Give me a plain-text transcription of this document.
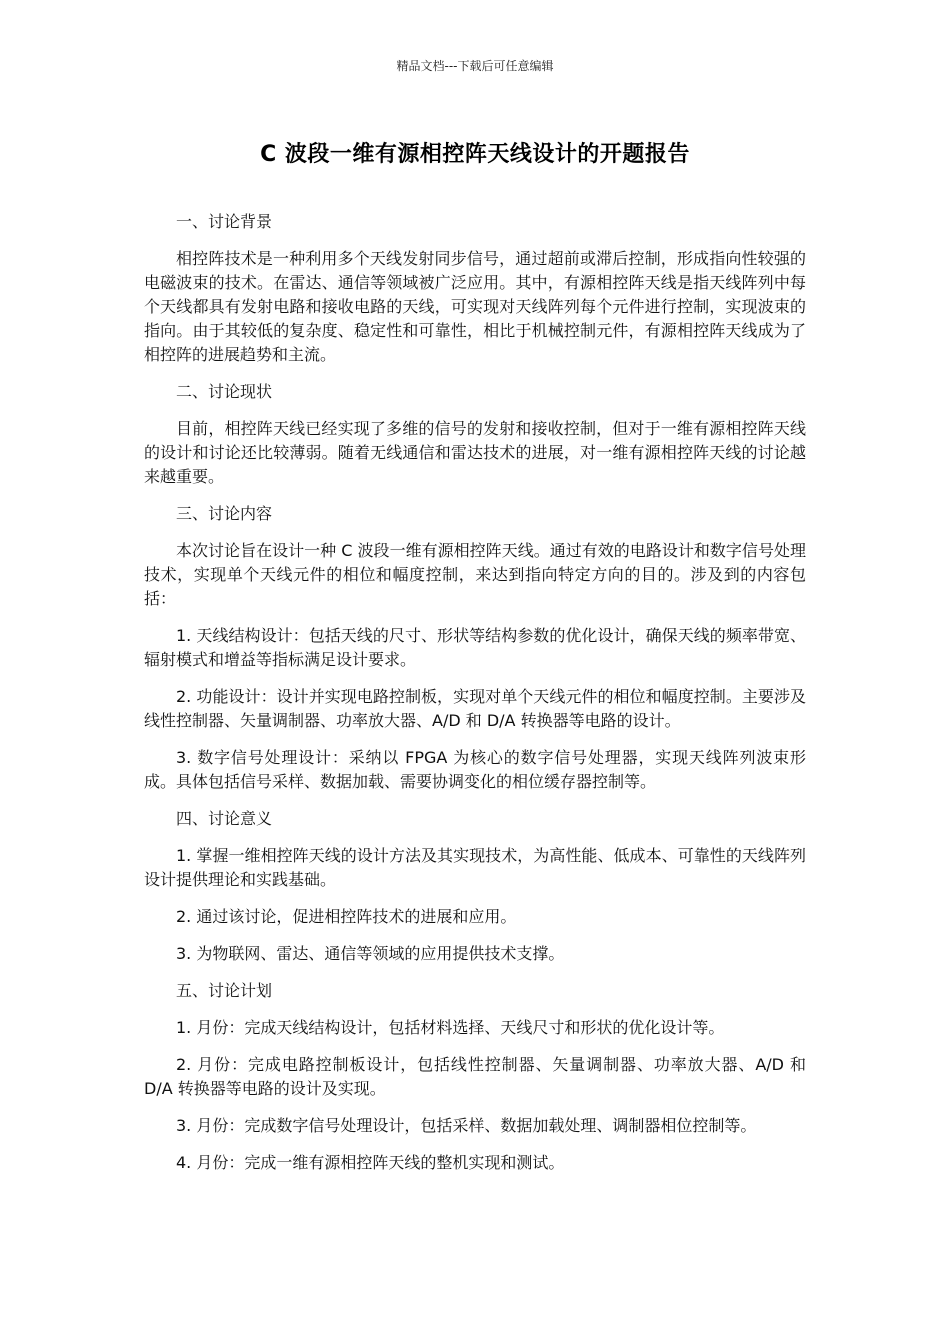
精品文档---下载后可任意编辑
C 波段一维有源相控阵天线设计的开题报告

一、讨论背景

相控阵技术是一种利用多个天线发射同步信号，通过超前或滞后控制，形成指向性较强的电磁波束的技术。在雷达、通信等领域被广泛应用。其中，有源相控阵天线是指天线阵列中每个天线都具有发射电路和接收电路的天线，可实现对天线阵列每个元件进行控制，实现波束的指向。由于其较低的复杂度、稳定性和可靠性，相比于机械控制元件，有源相控阵天线成为了相控阵的进展趋势和主流。

二、讨论现状

目前，相控阵天线已经实现了多维的信号的发射和接收控制，但对于一维有源相控阵天线的设计和讨论还比较薄弱。随着无线通信和雷达技术的进展，对一维有源相控阵天线的讨论越来越重要。

三、讨论内容

本次讨论旨在设计一种 C 波段一维有源相控阵天线。通过有效的电路设计和数字信号处理技术，实现单个天线元件的相位和幅度控制，来达到指向特定方向的目的。涉及到的内容包括：

1. 天线结构设计：包括天线的尺寸、形状等结构参数的优化设计，确保天线的频率带宽、辐射模式和增益等指标满足设计要求。

2. 功能设计：设计并实现电路控制板，实现对单个天线元件的相位和幅度控制。主要涉及线性控制器、矢量调制器、功率放大器、A/D 和 D/A 转换器等电路的设计。

3. 数字信号处理设计：采纳以 FPGA 为核心的数字信号处理器，实现天线阵列波束形成。具体包括信号采样、数据加载、需要协调变化的相位缓存器控制等。

四、讨论意义

1. 掌握一维相控阵天线的设计方法及其实现技术，为高性能、低成本、可靠性的天线阵列设计提供理论和实践基础。

2. 通过该讨论，促进相控阵技术的进展和应用。

3. 为物联网、雷达、通信等领域的应用提供技术支撑。

五、讨论计划

1. 月份：完成天线结构设计，包括材料选择、天线尺寸和形状的优化设计等。

2. 月份：完成电路控制板设计，包括线性控制器、矢量调制器、功率放大器、A/D 和 D/A 转换器等电路的设计及实现。

3. 月份：完成数字信号处理设计，包括采样、数据加载处理、调制器相位控制等。

4. 月份：完成一维有源相控阵天线的整机实现和测试。
